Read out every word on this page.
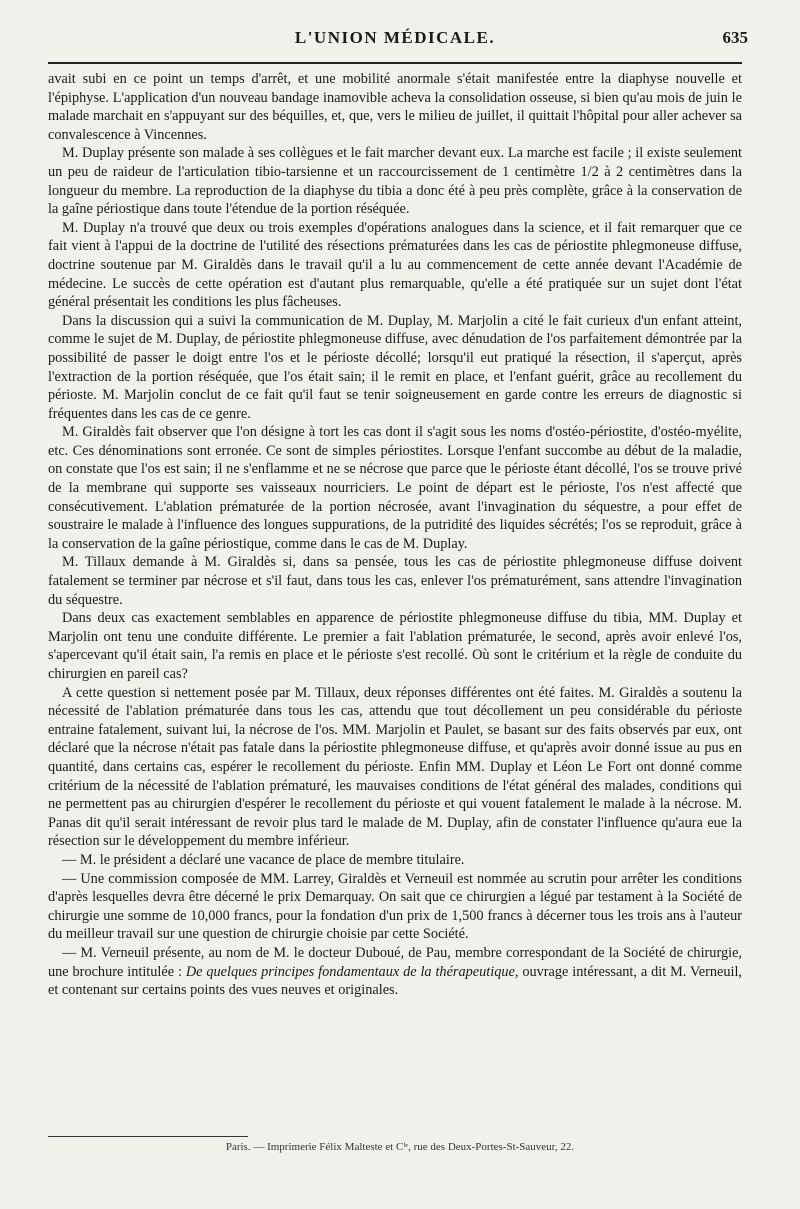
L'UNION MÉDICALE.	635

avait subi en ce point un temps d'arrêt, et une mobilité anormale s'était manifestée entre la diaphyse nouvelle et l'épiphyse. L'application d'un nouveau bandage inamovible acheva la consolidation osseuse, si bien qu'au mois de juin le malade marchait en s'appuyant sur des béquilles, et, que, vers le milieu de juillet, il quittait l'hôpital pour aller achever sa convalescence à Vincennes.

M. Duplay présente son malade à ses collègues et le fait marcher devant eux. La marche est facile ; il existe seulement un peu de raideur de l'articulation tibio-tarsienne et un raccourcissement de 1 centimètre 1/2 à 2 centimètres dans la longueur du membre. La reproduction de la diaphyse du tibia a donc été à peu près complète, grâce à la conservation de la gaîne périostique dans toute l'étendue de la portion réséquée.

M. Duplay n'a trouvé que deux ou trois exemples d'opérations analogues dans la science, et il fait remarquer que ce fait vient à l'appui de la doctrine de l'utilité des résections prématurées dans les cas de périostite phlegmoneuse diffuse, doctrine soutenue par M. Giraldès dans le travail qu'il a lu au commencement de cette année devant l'Académie de médecine. Le succès de cette opération est d'autant plus remarquable, qu'elle a été pratiquée sur un sujet dont l'état général présentait les conditions les plus fâcheuses.

Dans la discussion qui a suivi la communication de M. Duplay, M. Marjolin a cité le fait curieux d'un enfant atteint, comme le sujet de M. Duplay, de périostite phlegmoneuse diffuse, avec dénudation de l'os parfaitement démontrée par la possibilité de passer le doigt entre l'os et le périoste décollé; lorsqu'il eut pratiqué la résection, il s'aperçut, après l'extraction de la portion réséquée, que l'os était sain; il le remit en place, et l'enfant guérit, grâce au recollement du périoste. M. Marjolin conclut de ce fait qu'il faut se tenir soigneusement en garde contre les erreurs de diagnostic si fréquentes dans les cas de ce genre.

M. Giraldès fait observer que l'on désigne à tort les cas dont il s'agit sous les noms d'ostéo-périostite, d'ostéo-myélite, etc. Ces dénominations sont erronée. Ce sont de simples périostites. Lorsque l'enfant succombe au début de la maladie, on constate que l'os est sain; il ne s'enflamme et ne se nécrose que parce que le périoste étant décollé, l'os se trouve privé de la membrane qui supporte ses vaisseaux nourriciers. Le point de départ est le périoste, l'os n'est affecté que consécutivement. L'ablation prématurée de la portion nécrosée, avant l'invagination du séquestre, a pour effet de soustraire le malade à l'influence des longues suppurations, de la putridité des liquides sécrétés; l'os se reproduit, grâce à la conservation de la gaîne périostique, comme dans le cas de M. Duplay.

M. Tillaux demande à M. Giraldès si, dans sa pensée, tous les cas de périostite phlegmoneuse diffuse doivent fatalement se terminer par nécrose et s'il faut, dans tous les cas, enlever l'os prématurément, sans attendre l'invagination du séquestre.

Dans deux cas exactement semblables en apparence de périostite phlegmoneuse diffuse du tibia, MM. Duplay et Marjolin ont tenu une conduite différente. Le premier a fait l'ablation prématurée, le second, après avoir enlevé l'os, s'apercevant qu'il était sain, l'a remis en place et le périoste s'est recollé. Où sont le critérium et la règle de conduite du chirurgien en pareil cas?

A cette question si nettement posée par M. Tillaux, deux réponses différentes ont été faites. M. Giraldès a soutenu la nécessité de l'ablation prématurée dans tous les cas, attendu que tout décollement un peu considérable du périoste entraine fatalement, suivant lui, la nécrose de l'os. MM. Marjolin et Paulet, se basant sur des faits observés par eux, ont déclaré que la nécrose n'était pas fatale dans la périostite phlegmoneuse diffuse, et qu'après avoir donné issue au pus en quantité, dans certains cas, espérer le recollement du périoste. Enfin MM. Duplay et Léon Le Fort ont donné comme critérium de la nécessité de l'ablation prématuré, les mauvaises conditions de l'état général des malades, conditions qui ne permettent pas au chirurgien d'espérer le recollement du périoste et qui vouent fatalement le malade à la nécrose. M. Panas dit qu'il serait intéressant de revoir plus tard le malade de M. Duplay, afin de constater l'influence qu'aura eue la résection sur le développement du membre inférieur.

— M. le président a déclaré une vacance de place de membre titulaire.

— Une commission composée de MM. Larrey, Giraldès et Verneuil est nommée au scrutin pour arrêter les conditions d'après lesquelles devra être décerné le prix Demarquay. On sait que ce chirurgien a légué par testament à la Société de chirurgie une somme de 10,000 francs, pour la fondation d'un prix de 1,500 francs à décerner tous les trois ans à l'auteur du meilleur travail sur une question de chirurgie choisie par cette Société.

— M. Verneuil présente, au nom de M. le docteur Duboué, de Pau, membre correspondant de la Société de chirurgie, une brochure intitulée : De quelques principes fondamentaux de la thérapeutique, ouvrage intéressant, a dit M. Verneuil, et contenant sur certains points des vues neuves et originales.

Paris. — Imprimerie Félix Malteste et Cⁱᵉ, rue des Deux-Portes-St-Sauveur, 22.
